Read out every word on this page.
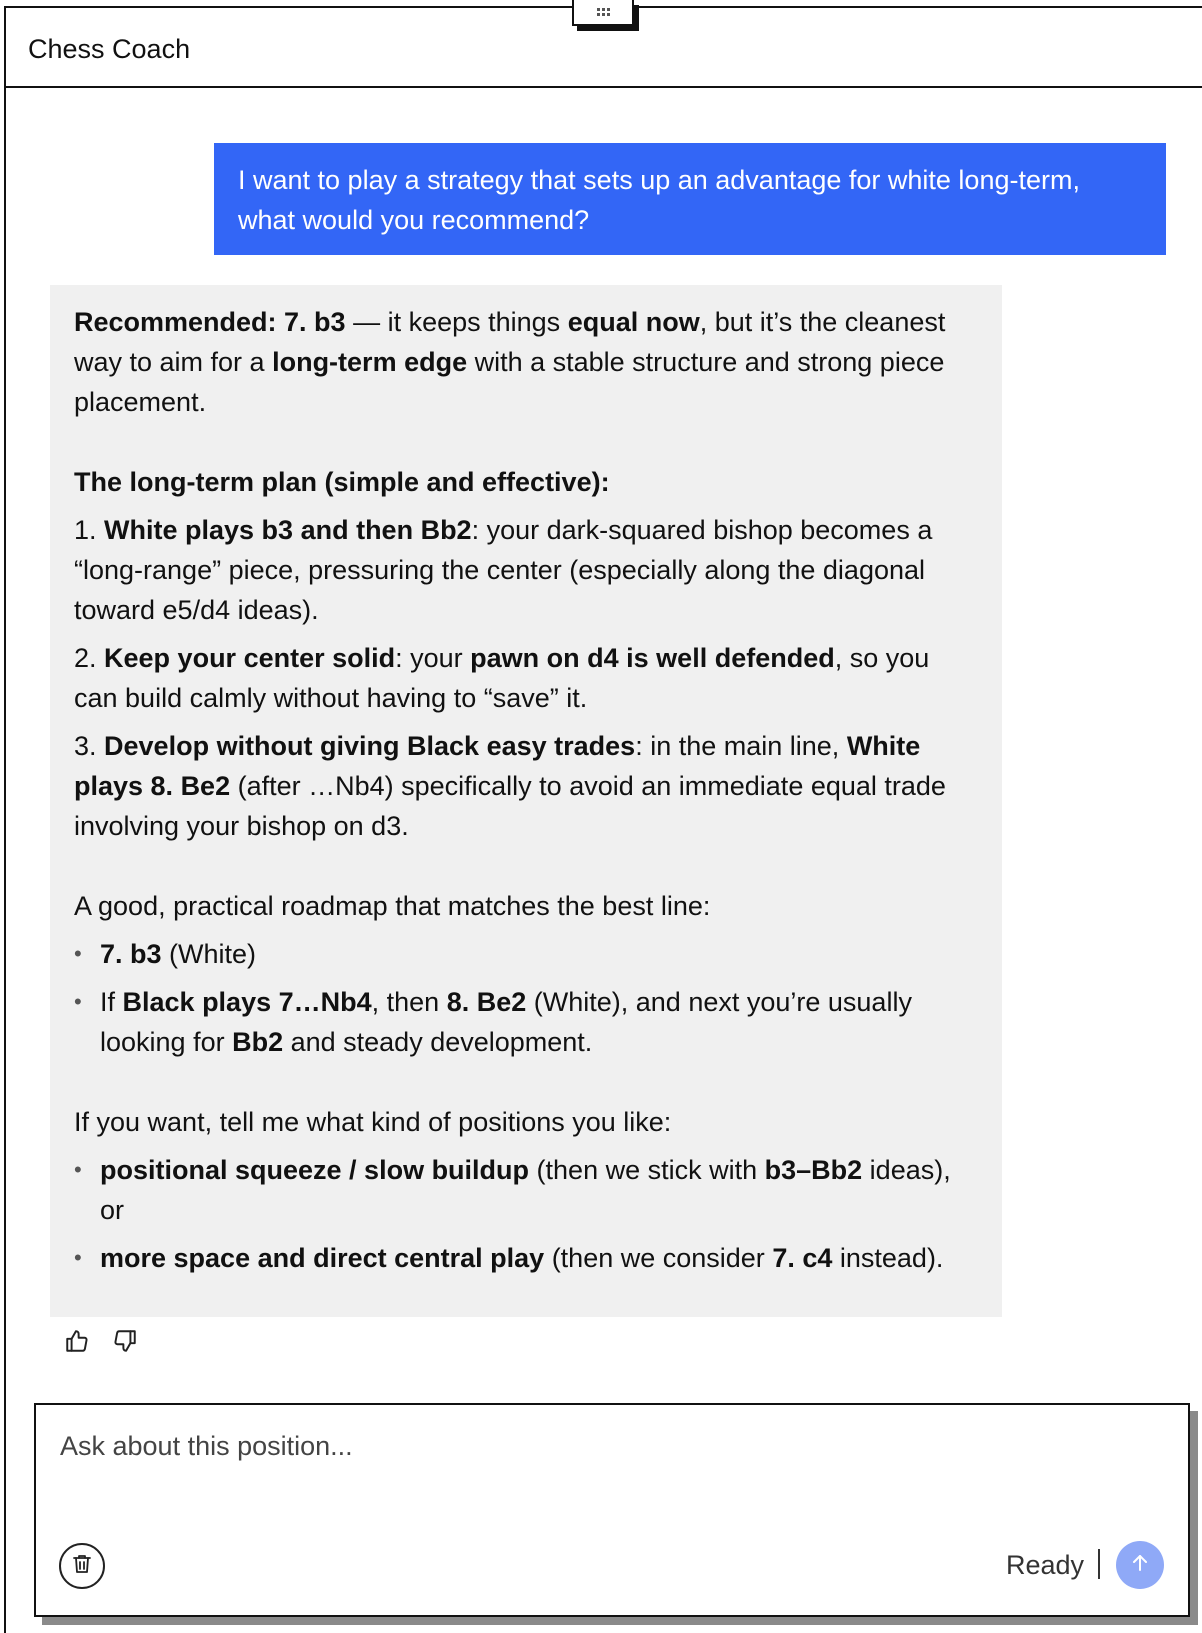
Chess Coach
I want to play a strategy that sets up an advantage for white long-term, what would you recommend?

Recommended: 7. b3 — it keeps things equal now, but it’s the cleanest way to aim for a long-term edge with a stable structure and strong piece placement.

The long-term plan (simple and effective):

1. White plays b3 and then Bb2: your dark-squared bishop becomes a “long-range” piece, pressuring the center (especially along the diagonal toward e5/d4 ideas).

2. Keep your center solid: your pawn on d4 is well defended, so you can build calmly without having to “save” it.

3. Develop without giving Black easy trades: in the main line, White plays 8. Be2 (after …Nb4) specifically to avoid an immediate equal trade involving your bishop on d3.

A good, practical roadmap that matches the best line:

• 7. b3 (White)

• If Black plays 7…Nb4, then 8. Be2 (White), and next you’re usually looking for Bb2 and steady development.

If you want, tell me what kind of positions you like:

• positional squeeze / slow buildup (then we stick with b3–Bb2 ideas), or

• more space and direct central play (then we consider 7. c4 instead).

Ask about this position...
Ready
